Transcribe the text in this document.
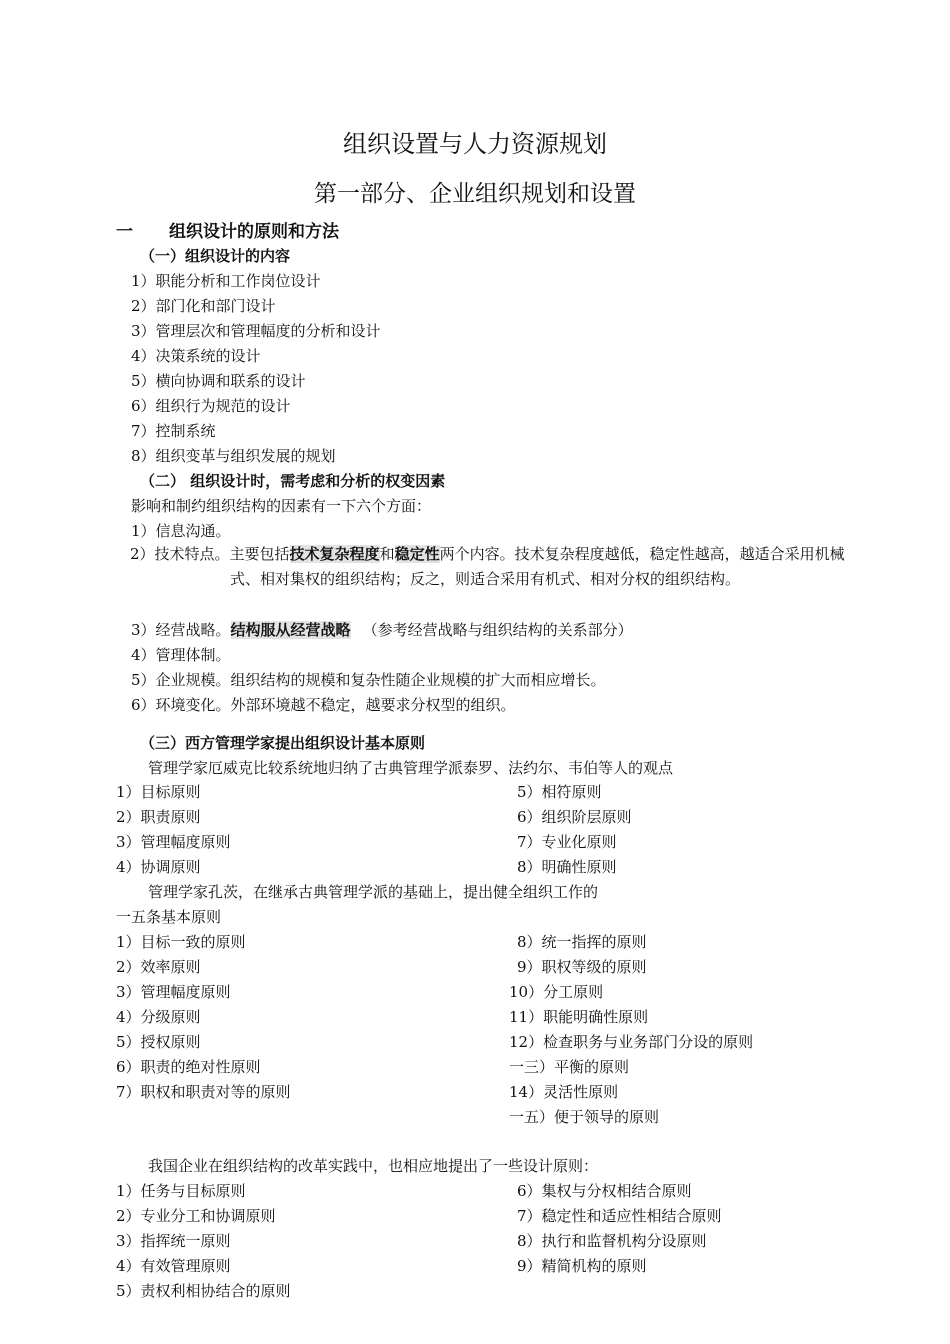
组织设置与人力资源规划
第一部分、企业组织规划和设置
一 组织设计的原则和方法
（一）组织设计的内容
1）职能分析和工作岗位设计
2）部门化和部门设计
3）管理层次和管理幅度的分析和设计
4）决策系统的设计
5）横向协调和联系的设计
6）组织行为规范的设计
7）控制系统
8）组织变革与组织发展的规划
（二） 组织设计时，需考虑和分析的权变因素
影响和制约组织结构的因素有一下六个方面：
1）信息沟通。
2）技术特点。主要包括技术复杂程度和稳定性两个内容。技术复杂程度越低，稳定性越高，越适合采用机械式、相对集权的组织结构；反之，则适合采用有机式、相对分权的组织结构。
3）经营战略。结构服从经营战略 （参考经营战略与组织结构的关系部分）
4）管理体制。
5）企业规模。组织结构的规模和复杂性随企业规模的扩大而相应增长。
6）环境变化。外部环境越不稳定，越要求分权型的组织。
（三）西方管理学家提出组织设计基本原则
管理学家厄威克比较系统地归纳了古典管理学派泰罗、法约尔、韦伯等人的观点
1）目标原则
2）职责原则
3）管理幅度原则
4）协调原则
5）相符原则
6）组织阶层原则
7）专业化原则
8）明确性原则
管理学家孔茨，在继承古典管理学派的基础上，提出健全组织工作的
一五条基本原则
1）目标一致的原则
2）效率原则
3）管理幅度原则
4）分级原则
5）授权原则
6）职责的绝对性原则
7）职权和职责对等的原则
8）统一指挥的原则
9）职权等级的原则
10）分工原则
11）职能明确性原则
12）检查职务与业务部门分设的原则
一三）平衡的原则
14）灵活性原则
一五）便于领导的原则
我国企业在组织结构的改革实践中，也相应地提出了一些设计原则：
1）任务与目标原则
2）专业分工和协调原则
3）指挥统一原则
4）有效管理原则
5）责权利相协结合的原则
6）集权与分权相结合原则
7）稳定性和适应性相结合原则
8）执行和监督机构分设原则
9）精简机构的原则
